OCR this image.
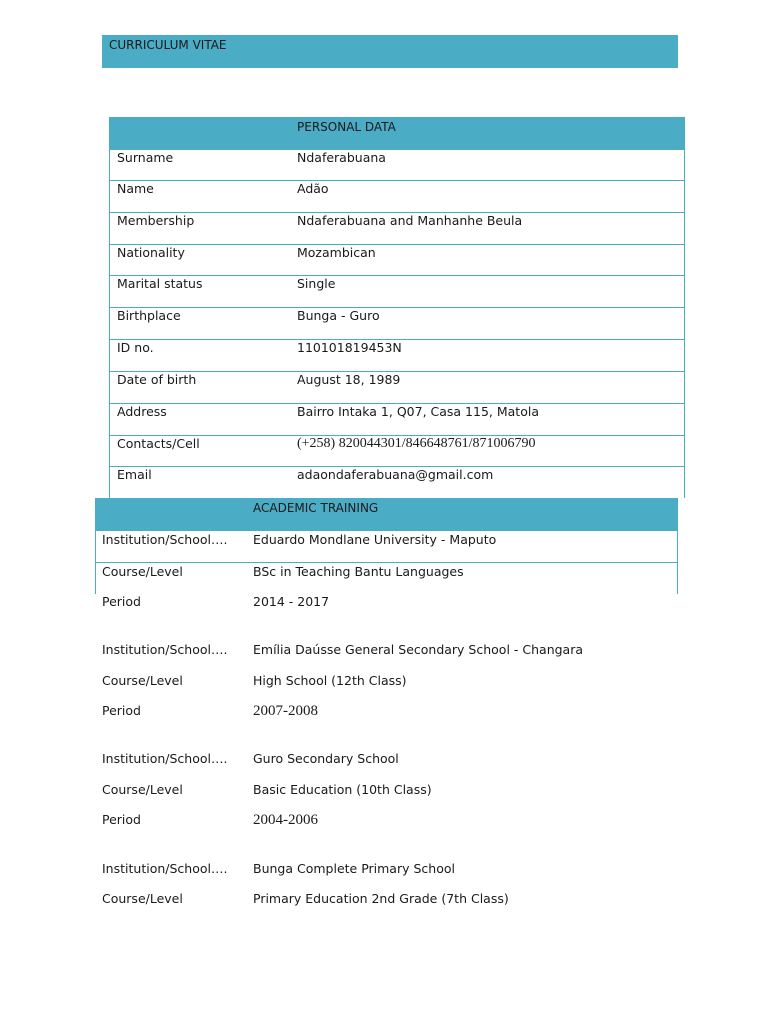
CURRICULUM VITAE
PERSONAL DATA
Surname	Ndaferabuana
Name	Adão
Membership	Ndaferabuana and Manhanhe Beula
Nationality	Mozambican
Marital status	Single
Birthplace	Bunga - Guro
ID no.	110101819453N
Date of birth	August 18, 1989
Address	Bairro Intaka 1, Q07, Casa 115, Matola
Contacts/Cell	(+258) 820044301/846648761/871006790
Email	adaondaferabuana@gmail.com
ACADEMIC TRAINING
Institution/School…. Eduardo Mondlane University - Maputo
Course/Level	BSc in Teaching Bantu Languages
Period	2014 - 2017
Institution/School…. Emília Daússe General Secondary School - Changara
Course/Level	High School (12th Class)
Period	2007-2008
Institution/School…. Guro Secondary School
Course/Level	Basic Education (10th Class)
Period	2004-2006
Institution/School…. Bunga Complete Primary School
Course/Level	Primary Education 2nd Grade (7th Class)
